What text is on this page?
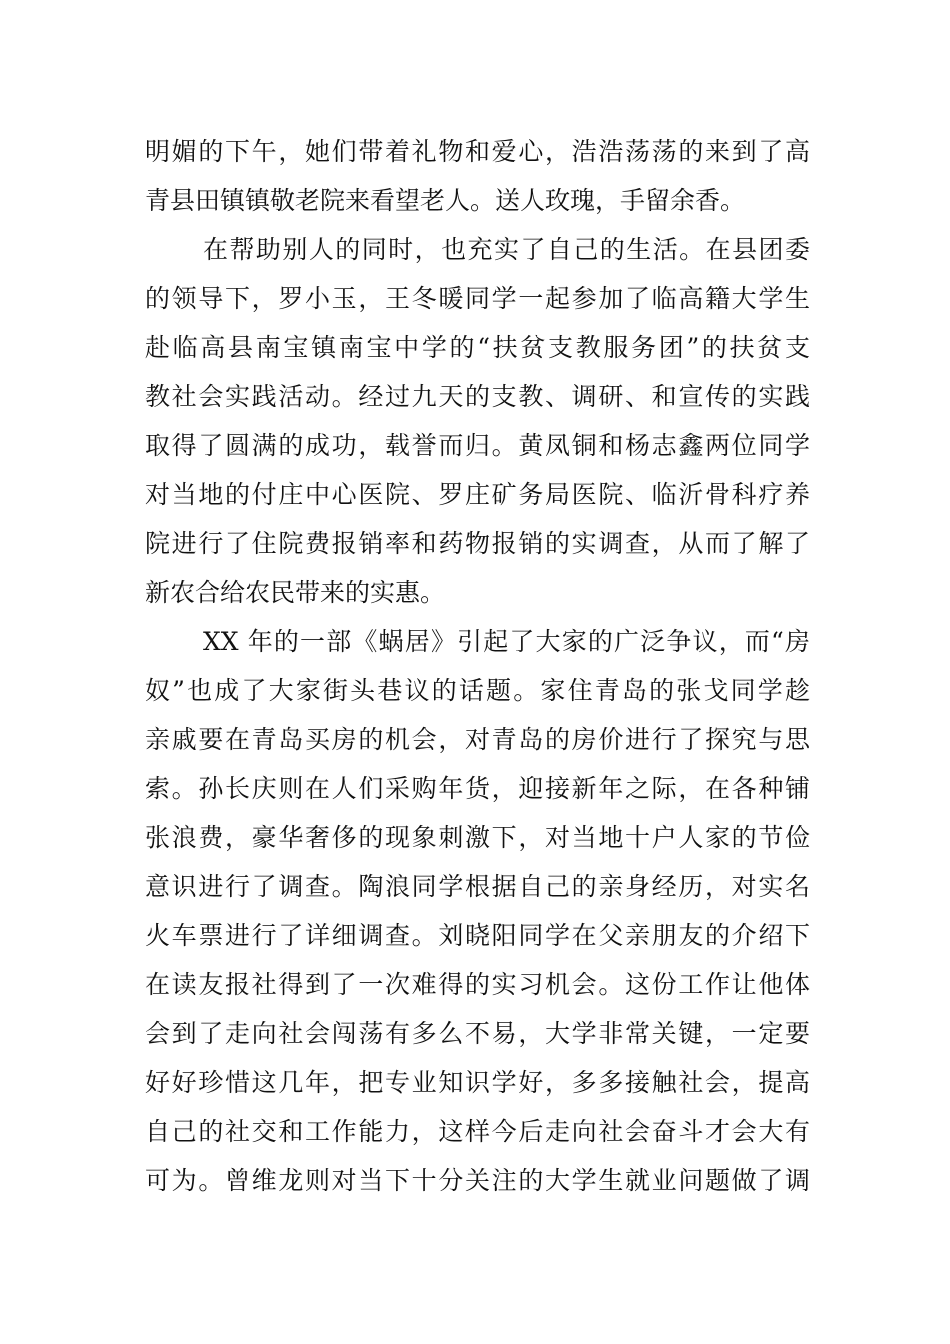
明媚的下午，她们带着礼物和爱心，浩浩荡荡的来到了高
青县田镇镇敬老院来看望老人。送人玫瑰，手留余香。
在帮助别人的同时，也充实了自己的生活。在县团委
的领导下，罗小玉，王冬暖同学一起参加了临高籍大学生
赴临高县南宝镇南宝中学的“扶贫支教服务团”的扶贫支
教社会实践活动。经过九天的支教、调研、和宣传的实践
取得了圆满的成功，载誉而归。黄凤铜和杨志鑫两位同学
对当地的付庄中心医院、罗庄矿务局医院、临沂骨科疗养
院进行了住院费报销率和药物报销的实调查，从而了解了
新农合给农民带来的实惠。
XX 年的一部《蜗居》引起了大家的广泛争议，而“房
奴”也成了大家街头巷议的话题。家住青岛的张戈同学趁
亲戚要在青岛买房的机会，对青岛的房价进行了探究与思
索。孙长庆则在人们采购年货，迎接新年之际，在各种铺
张浪费，豪华奢侈的现象刺激下，对当地十户人家的节俭
意识进行了调查。陶浪同学根据自己的亲身经历，对实名
火车票进行了详细调查。刘晓阳同学在父亲朋友的介绍下
在读友报社得到了一次难得的实习机会。这份工作让他体
会到了走向社会闯荡有多么不易，大学非常关键，一定要
好好珍惜这几年，把专业知识学好，多多接触社会，提高
自己的社交和工作能力，这样今后走向社会奋斗才会大有
可为。曾维龙则对当下十分关注的大学生就业问题做了调
